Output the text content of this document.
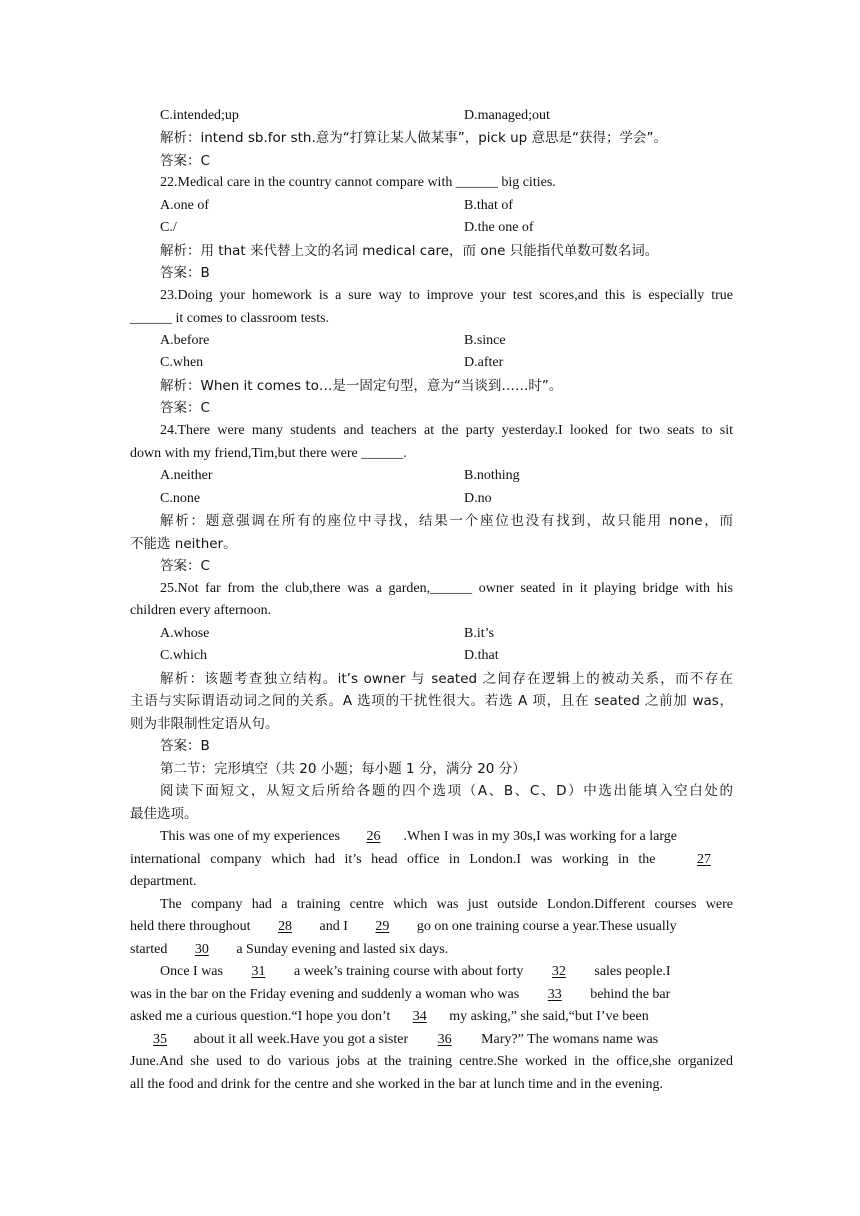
C.intended;up	D.managed;out
解析：intend sb.for sth.意为“打算让某人做某事”，pick up 意思是“获得；学会”。
答案：C
22.Medical care in the country cannot compare with ______ big cities.
A.one of	B.that of
C./	D.the one of
解析：用 that 来代替上文的名词 medical care，而 one 只能指代单数可数名词。
答案：B
23.Doing your homework is a sure way to improve your test scores,and this is especially true
______ it comes to classroom tests.
A.before	B.since
C.when	D.after
解析：When it comes to…是一固定句型，意为“当谈到……时”。
答案：C
24.There were many students and teachers at the party yesterday.I looked for two seats to sit
down with my friend,Tim,but there were ______.
A.neither	B.nothing
C.none	D.no
解析：题意强调在所有的座位中寻找，结果一个座位也没有找到，故只能用 none，而
不能选 neither。
答案：C
25.Not far from the club,there was a garden,______ owner seated in it playing bridge with his
children every afternoon.
A.whose	B.it’s
C.which	D.that
解析：该题考查独立结构。it’s owner 与 seated 之间存在逻辑上的被动关系，而不存在
主语与实际谓语动词之间的关系。A 选项的干扰性很大。若选 A 项，且在 seated 之前加 was，
则为非限制性定语从句。
答案：B
第二节：完形填空（共 20 小题；每小题 1 分，满分 20 分）
阅读下面短文，从短文后所给各题的四个选项（A、B、C、D）中选出能填入空白处的
最佳选项。
This was one of my experiences 26 .When I was in my 30s,I was working for a large
international company which had it’s head office in London.I was working in the 27
department.
The company had a training centre which was just outside London.Different courses were
held there throughout 28 and I 29 go on one training course a year.These usually
started 30 a Sunday evening and lasted six days.
Once I was 31 a week’s training course with about forty 32 sales people.I
was in the bar on the Friday evening and suddenly a woman who was 33 behind the bar
asked me a curious question.“I hope you don’t 34 my asking,” she said,“but I’ve been
35 about it all week.Have you got a sister 36 Mary?” The womans name was
June.And she used to do various jobs at the training centre.She worked in the office,she organized
all the food and drink for the centre and she worked in the bar at lunch time and in the evening.
